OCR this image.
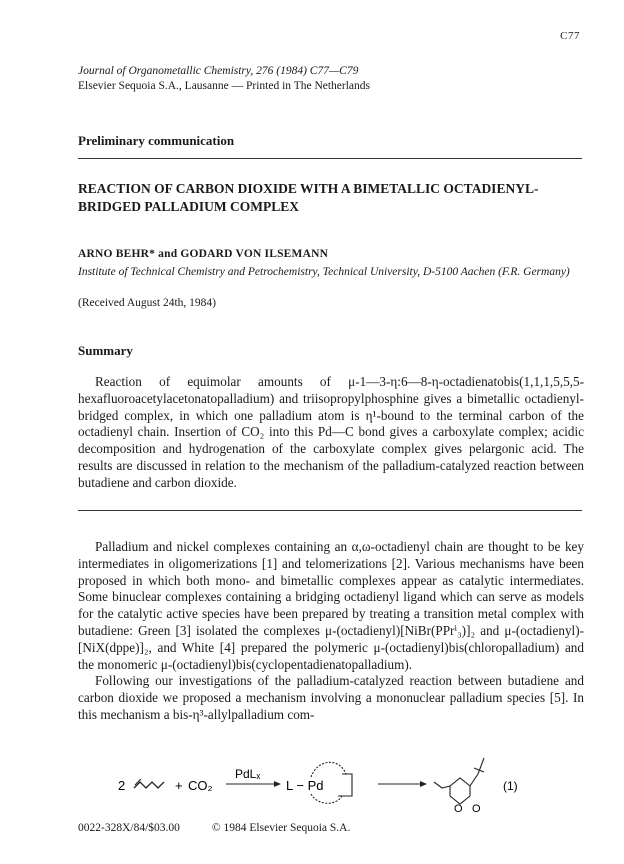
C77
Journal of Organometallic Chemistry, 276 (1984) C77—C79
Elsevier Sequoia S.A., Lausanne — Printed in The Netherlands
Preliminary communication
REACTION OF CARBON DIOXIDE WITH A BIMETALLIC OCTADIENYL-BRIDGED PALLADIUM COMPLEX
ARNO BEHR* and GODARD VON ILSEMANN
Institute of Technical Chemistry and Petrochemistry, Technical University, D-5100 Aachen (F.R. Germany)
(Received August 24th, 1984)
Summary

Reaction of equimolar amounts of μ-1—3-η:6—8-η-octadienatobis(1,1,1,5,5,5-hexafluoroacetylacetonatopalladium) and triisopropylphosphine gives a bimetallic octadienyl-bridged complex, in which one palladium atom is η¹-bound to the terminal carbon of the octadienyl chain. Insertion of CO₂ into this Pd—C bond gives a carboxylate complex; acidic decomposition and hydrogenation of the carboxylate complex gives pelargonic acid. The results are discussed in relation to the mechanism of the palladium-catalyzed reaction between butadiene and carbon dioxide.

Palladium and nickel complexes containing an α,ω-octadienyl chain are thought to be key intermediates in oligomerizations [1] and telomerizations [2]. Various mechanisms have been proposed in which both mono- and bimetallic complexes appear as catalytic intermediates. Some binuclear complexes containing a bridging octadienyl ligand which can serve as models for the catalytic active species have been prepared by treating a transition metal complex with butadiene: Green [3] isolated the complexes μ-(octadienyl)[NiBr(PPrⁱ₃)]₂ and μ-(octadienyl)-[NiX(dppe)]₂, and White [4] prepared the polymeric μ-(octadienyl)bis(chloropalladium) and the monomeric μ-(octadienyl)bis(cyclopentadienatopalladium).

Following our investigations of the palladium-catalyzed reaction between butadiene and carbon dioxide we proposed a mechanism involving a mononuclear palladium species [5]. In this mechanism a bis-η³-allylpalladium com-

2	+ CO₂
PdLₓ
L − Pd
O O
(1)
0022-328X/84/$03.00	© 1984 Elsevier Sequoia S.A.
